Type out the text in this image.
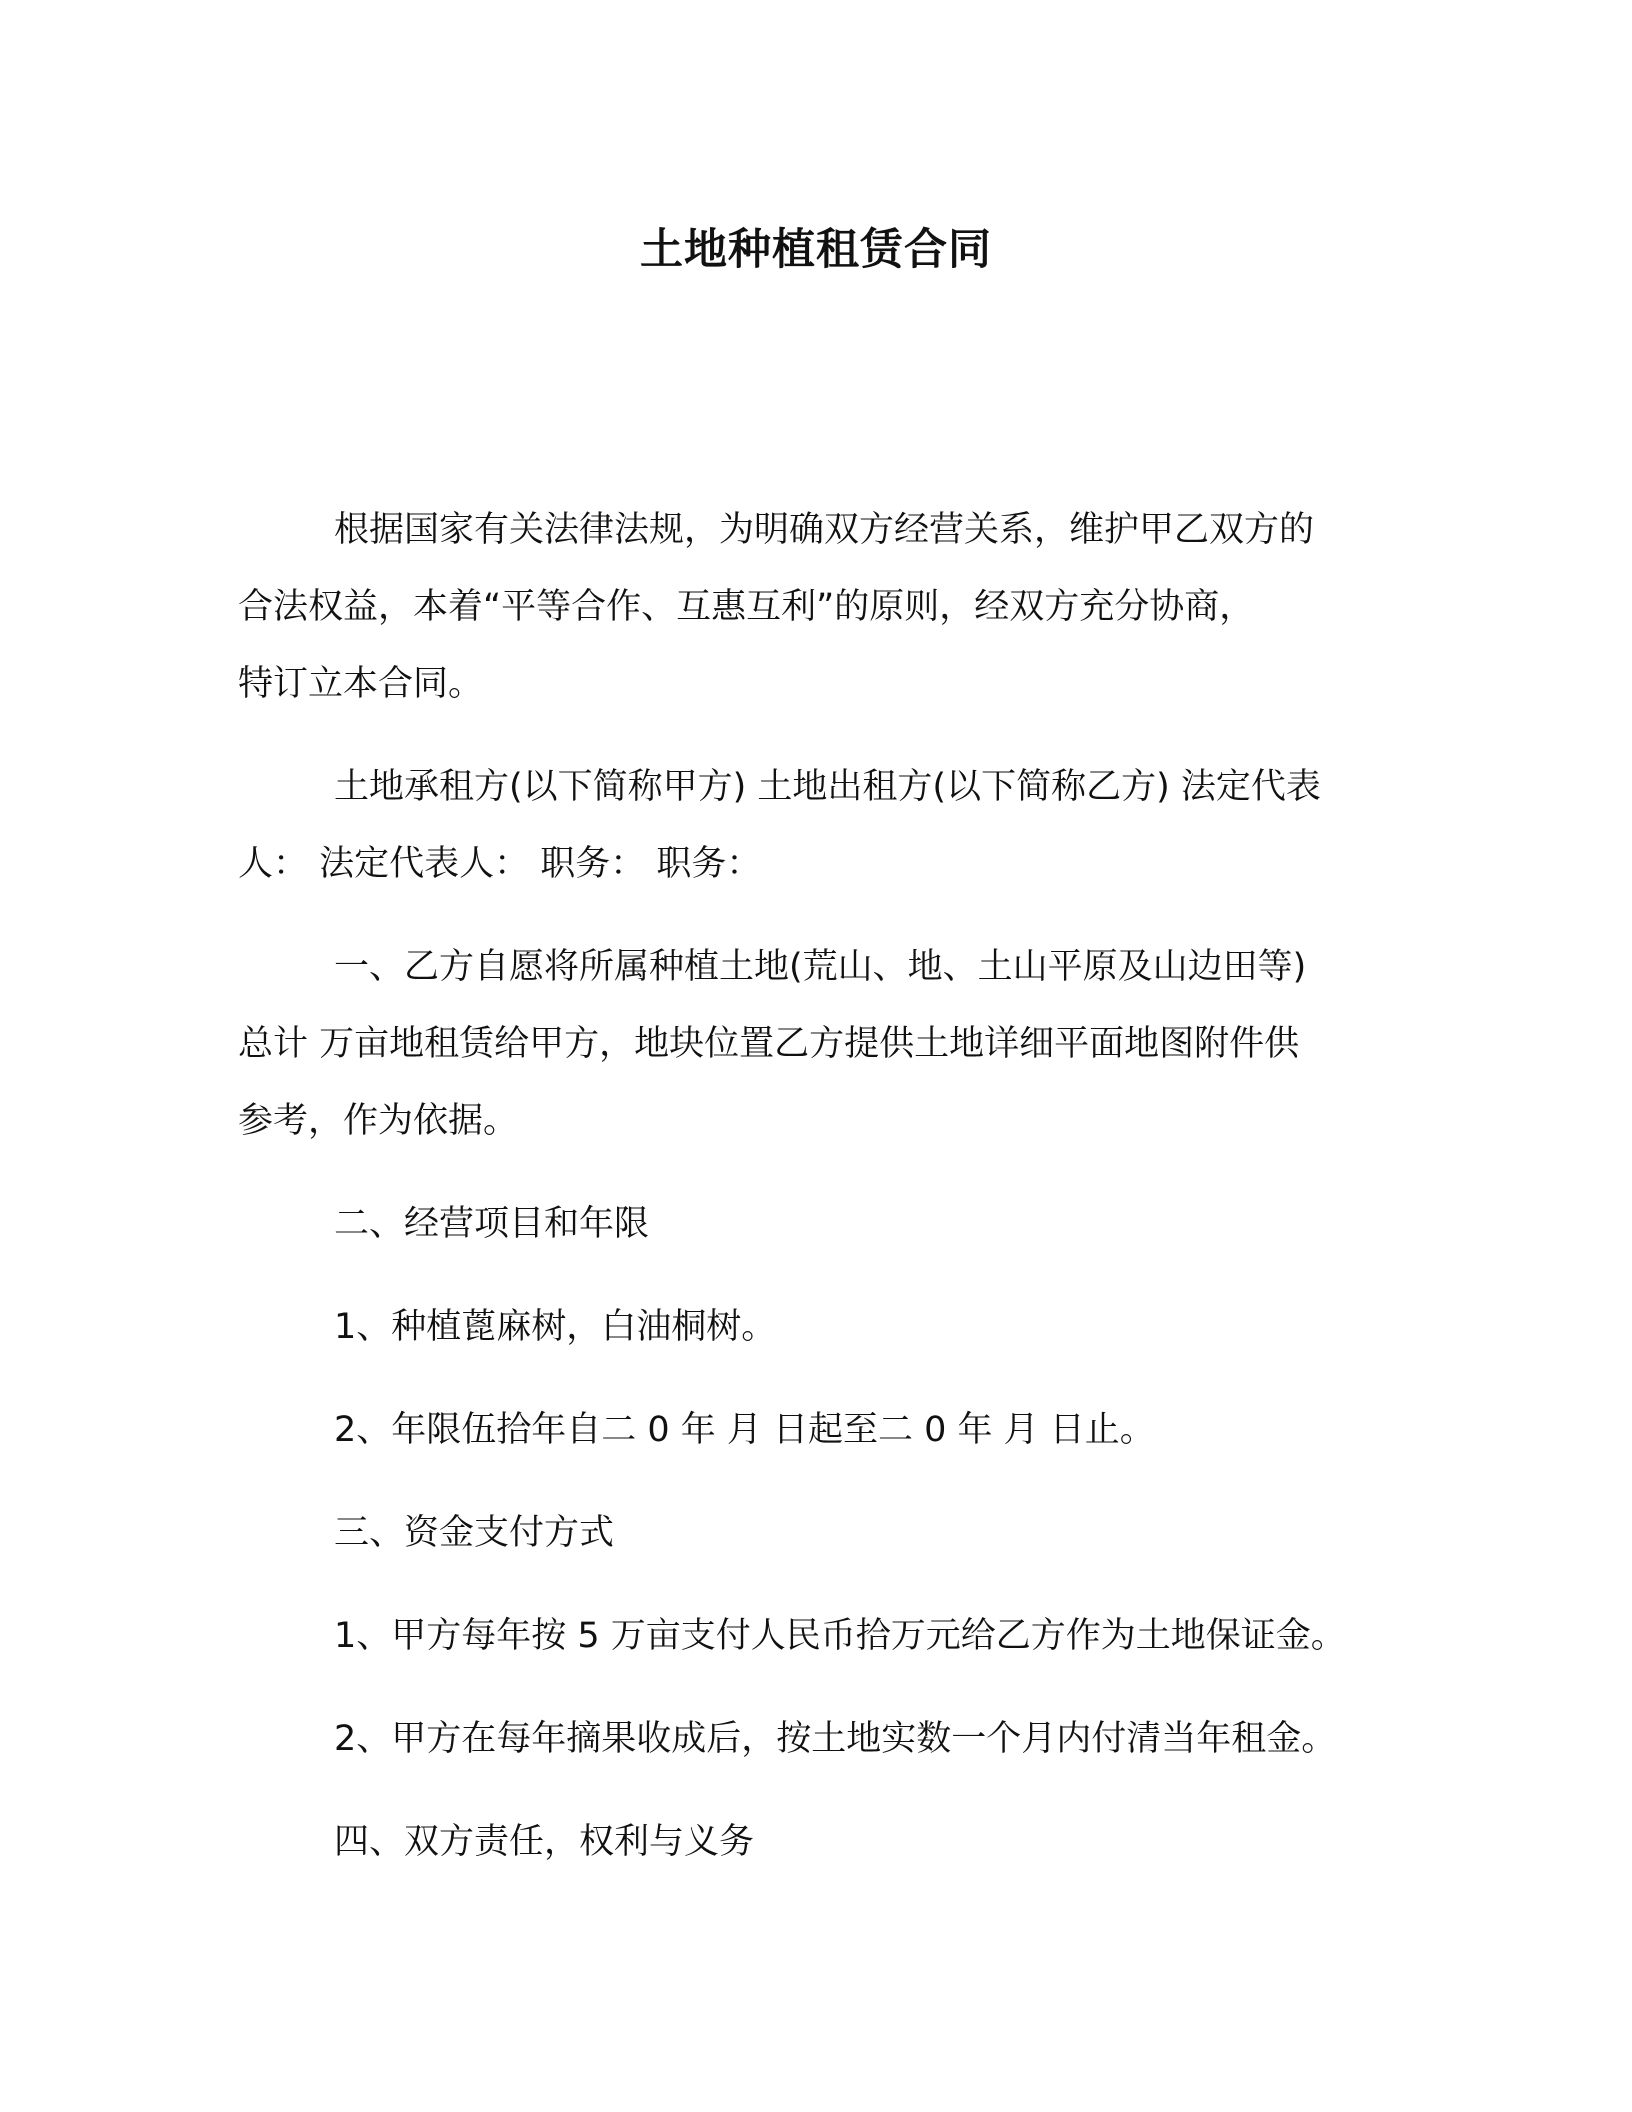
土地种植租赁合同

根据国家有关法律法规，为明确双方经营关系，维护甲乙双方的
合法权益，本着“平等合作、互惠互利”的原则，经双方充分协商，
特订立本合同。

土地承租方(以下简称甲方) 土地出租方(以下简称乙方) 法定代表
人： 法定代表人： 职务： 职务：

一、乙方自愿将所属种植土地(荒山、地、土山平原及山边田等)
总计 万亩地租赁给甲方，地块位置乙方提供土地详细平面地图附件供
参考，作为依据。

二、经营项目和年限

1、种植蓖麻树，白油桐树。

2、年限伍拾年自二 0 年 月 日起至二 0 年 月 日止。

三、资金支付方式

1、甲方每年按 5 万亩支付人民币拾万元给乙方作为土地保证金。

2、甲方在每年摘果收成后，按土地实数一个月内付清当年租金。

四、双方责任，权利与义务
